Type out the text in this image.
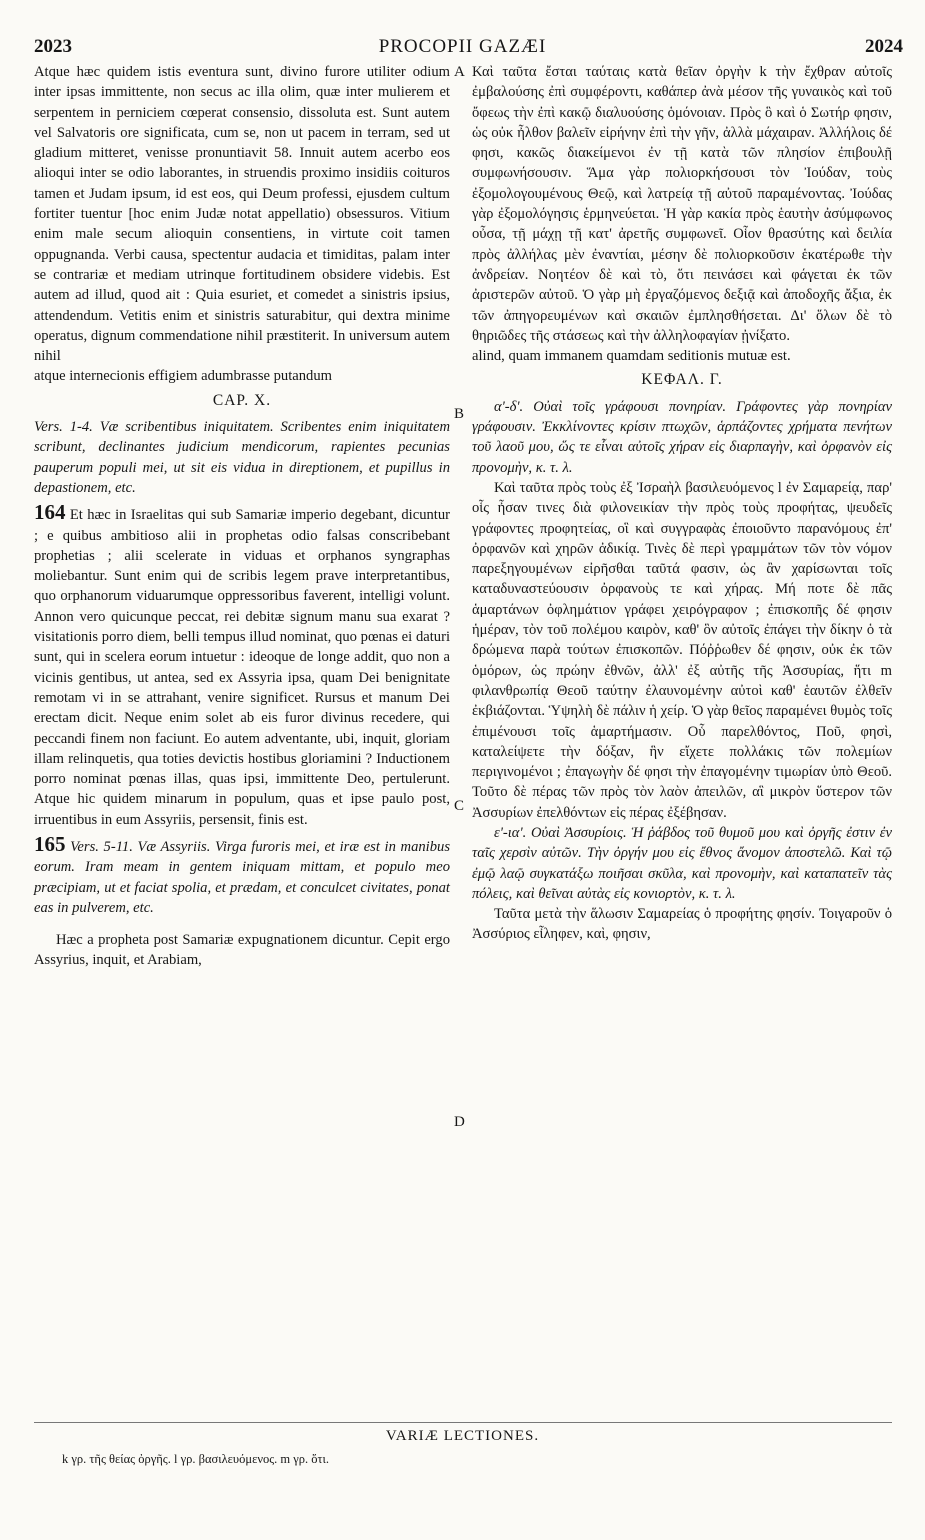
2023	PROCOPII GAZÆI	2024
A
B
C
D

Atque hæc quidem istis eventura sunt, divino furore utiliter odium inter ipsas immittente, non secus ac illa olim, quæ inter mulierem et serpentem in perniciem cœperat consensio, dissoluta est. Sunt autem vel Salvatoris ore significata, cum se, non ut pacem in terram, sed ut gladium mitteret, venisse pronuntiavit 58. Innuit autem acerbo eos alioqui inter se odio laborantes, in struendis proximo insidiis coituros tamen et Judam ipsum, id est eos, qui Deum professi, ejusdem cultum fortiter tuentur [hoc enim Judæ notat appellatio) obsessuros. Vitium enim male secum alioquin consentiens, in virtute coit tamen oppugnanda. Verbi causa, spectentur audacia et timiditas, palam inter se contrariæ et mediam utrinque fortitudinem obsidere videbis. Est autem ad illud, quod ait : Quia esuriet, et comedet a sinistris ipsius, attendendum. Vetitis enim et sinistris saturabitur, qui dextra minime operatus, dignum commendatione nihil præstiterit. In universum autem nihil

atque internecionis effigiem adumbrasse putandum

CAP. X.

Vers. 1-4. Væ scribentibus iniquitatem. Scribentes enim iniquitatem scribunt, declinantes judicium mendicorum, rapientes pecunias pauperum populi mei, ut sit eis vidua in direptionem, et pupillus in depastionem, etc.

164 Et hæc in Israelitas qui sub Samariæ imperio degebant, dicuntur ; e quibus ambitioso alii in prophetas odio falsas conscribebant prophetias ; alii scelerate in viduas et orphanos syngraphas moliebantur. Sunt enim qui de scribis legem prave interpretantibus, quo orphanorum viduarumque oppressoribus faverent, intelligi volunt. Annon vero quicunque peccat, rei debitæ signum manu sua exarat ? visitationis porro diem, belli tempus illud nominat, quo pœnas ei daturi sunt, qui in scelera eorum intuetur : ideoque de longe addit, quo non a vicinis gentibus, ut antea, sed ex Assyria ipsa, quam Dei benignitate remotam vi in se attrahant, venire significet. Rursus et manum Dei erectam dicit. Neque enim solet ab eis furor divinus recedere, qui peccandi finem non faciunt. Eo autem adventante, ubi, inquit, gloriam illam relinquetis, qua toties devictis hostibus gloriamini ? Inductionem porro nominat pœnas illas, quas ipsi, immittente Deo, pertulerunt. Atque hic quidem minarum in populum, quas et ipse paulo post, irruentibus in eum Assyriis, persensit, finis est.

165 Vers. 5-11. Væ Assyriis. Virga furoris mei, et iræ est in manibus eorum. Iram meam in gentem iniquam mittam, et populo meo præcipiam, ut et faciat spolia, et prædam, et conculcet civitates, ponat eas in pulverem, etc.

Hæc a propheta post Samariæ expugnationem dicuntur. Cepit ergo Assyrius, inquit, et Arabiam,

Καὶ ταῦτα ἔσται ταύταις κατὰ θεῖαν ὀργὴν k τὴν ἔχθραν αὐτοῖς ἐμβαλούσης ἐπὶ συμφέροντι, καθάπερ ἀνὰ μέσον τῆς γυναικὸς καὶ τοῦ ὄφεως τὴν ἐπὶ κακῷ διαλυούσης ὁμόνοιαν. Πρὸς ὃ καὶ ὁ Σωτήρ φησιν, ὡς οὐκ ἦλθον βαλεῖν εἰρήνην ἐπὶ τὴν γῆν, ἀλλὰ μάχαιραν. Ἀλλήλοις δέ φησι, κακῶς διακείμενοι ἐν τῇ κατὰ τῶν πλησίον ἐπιβουλῇ συμφωνήσουσιν. Ἅμα γὰρ πολιορκήσουσι τὸν Ἰούδαν, τοὺς ἐξομολογουμένους Θεῷ, καὶ λατρείᾳ τῇ αὐτοῦ παραμένοντας. Ἰούδας γὰρ ἐξομολόγησις ἑρμηνεύεται. Ἡ γὰρ κακία πρὸς ἑαυτὴν ἀσύμφωνος οὖσα, τῇ μάχῃ τῇ κατ' ἀρετῆς συμφωνεῖ. Οἷον θρασύτης καὶ δειλία πρὸς ἀλλήλας μὲν ἐναντίαι, μέσην δὲ πολιορκοῦσιν ἑκατέρωθε τὴν ἀνδρείαν. Νοητέον δὲ καὶ τὸ, ὅτι πεινάσει καὶ φάγεται ἐκ τῶν ἀριστερῶν αὐτοῦ. Ὁ γὰρ μὴ ἐργαζόμενος δεξιᾷ καὶ ἀποδοχῆς ἄξια, ἐκ τῶν ἀπηγορευμένων καὶ σκαιῶν ἐμπλησθήσεται. Δι' ὅλων δὲ τὸ θηριῶδες τῆς στάσεως καὶ τὴν ἀλληλοφαγίαν ᾐνίξατο.

alind, quam immanem quamdam seditionis mutuæ est.

ΚΕΦΑΛ. Γ.

α'-δ'. Οὐαὶ τοῖς γράφουσι πονηρίαν. Γράφοντες γὰρ πονηρίαν γράφουσιν. Ἐκκλίνοντες κρίσιν πτωχῶν, ἁρπάζοντες χρήματα πενήτων τοῦ λαοῦ μου, ὥς τε εἶναι αὐτοῖς χήραν εἰς διαρπαγὴν, καὶ ὀρφανὸν εἰς προνομὴν, κ. τ. λ.

Καὶ ταῦτα πρὸς τοὺς ἐξ Ἰσραὴλ βασιλευόμενος l ἐν Σαμαρείᾳ, παρ' οἷς ἦσαν τινες διὰ φιλονεικίαν τὴν πρὸς τοὺς προφήτας, ψευδεῖς γράφοντες προφητείας, οἳ καὶ συγγραφὰς ἐποιοῦντο παρανόμους ἐπ' ὀρφανῶν καὶ χηρῶν ἀδικίᾳ. Τινὲς δὲ περὶ γραμμάτων τῶν τὸν νόμον παρεξηγουμένων εἰρῆσθαι ταῦτά φασιν, ὡς ἂν χαρίσωνται τοῖς καταδυναστεύουσιν ὀρφανοὺς τε καὶ χήρας. Μή ποτε δὲ πᾶς ἁμαρτάνων ὀφλημάτιον γράφει χειρόγραφον ; ἐπισκοπῆς δέ φησιν ἡμέραν, τὸν τοῦ πολέμου καιρὸν, καθ' ὃν αὐτοῖς ἐπάγει τὴν δίκην ὁ τὰ δρώμενα παρὰ τούτων ἐπισκοπῶν. Πόῤῥωθεν δέ φησιν, οὐκ ἐκ τῶν ὁμόρων, ὡς πρώην ἐθνῶν, ἀλλ' ἐξ αὐτῆς τῆς Ἀσσυρίας, ἥτι m φιλανθρωπίᾳ Θεοῦ ταύτην ἐλαυνομένην αὐτοὶ καθ' ἑαυτῶν ἐλθεῖν ἐκβιάζονται. Ὑψηλὴ δὲ πάλιν ἡ χείρ. Ὁ γὰρ θεῖος παραμένει θυμὸς τοῖς ἐπιμένουσι τοῖς ἁμαρτήμασιν. Οὗ παρελθόντος, Ποῦ, φησὶ, καταλείψετε τὴν δόξαν, ἣν εἴχετε πολλάκις τῶν πολεμίων περιγινομένοι ; ἐπαγωγὴν δέ φησι τὴν ἐπαγομένην τιμωρίαν ὑπὸ Θεοῦ. Τοῦτο δὲ πέρας τῶν πρὸς τὸν λαὸν ἀπειλῶν, αἳ μικρὸν ὕστερον τῶν Ἀσσυρίων ἐπελθόντων εἰς πέρας ἐξέβησαν.

ε'-ια'. Οὐαὶ Ἀσσυρίοις. Ἡ ῥάβδος τοῦ θυμοῦ μου καὶ ὀργῆς ἐστιν ἐν ταῖς χερσὶν αὐτῶν. Τὴν ὀργήν μου εἰς ἔθνος ἄνομον ἀποστελῶ. Καὶ τῷ ἐμῷ λαῷ συγκατάξω ποιῆσαι σκῦλα, καὶ προνομὴν, καὶ καταπατεῖν τὰς πόλεις, καὶ θεῖναι αὐτὰς εἰς κονιορτὸν, κ. τ. λ.

Ταῦτα μετὰ τὴν ἅλωσιν Σαμαρείας ὁ προφήτης φησίν. Τοιγαροῦν ὁ Ἀσσύριος εἶληφεν, καὶ, φησιν,

VARIÆ LECTIONES.
k γρ. τῆς θείας ὀργῆς. l γρ. βασιλευόμενος. m γρ. ὅτι.
